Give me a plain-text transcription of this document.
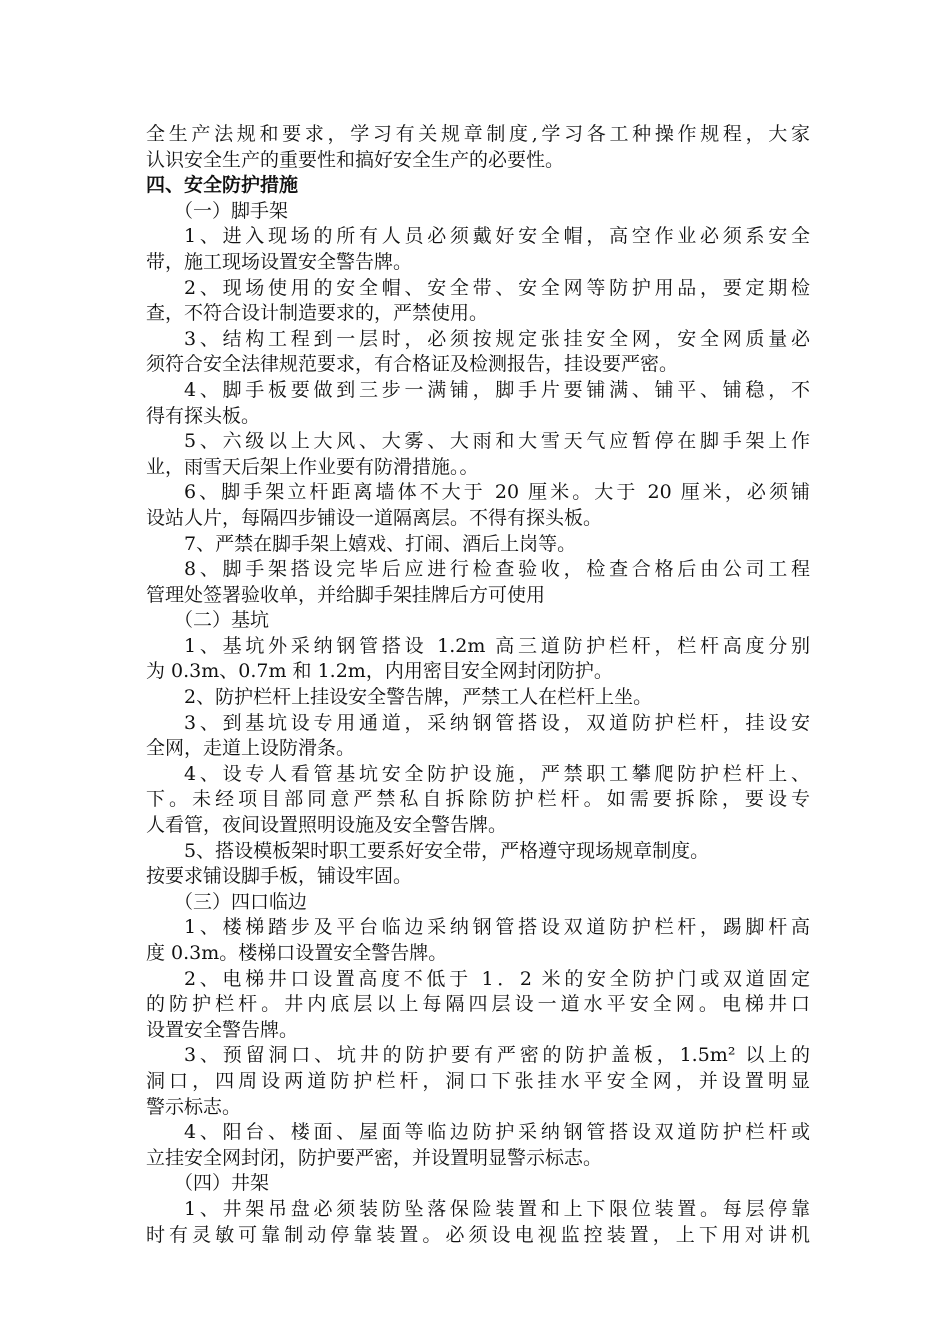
全生产法规和要求，学习有关规章制度,学习各工种操作规程，大家
认识安全生产的重要性和搞好安全生产的必要性。
四、安全防护措施
（一）脚手架
1、进入现场的所有人员必须戴好安全帽，高空作业必须系安全
带，施工现场设置安全警告牌。
2、现场使用的安全帽、安全带、安全网等防护用品，要定期检
查，不符合设计制造要求的，严禁使用。
3、结构工程到一层时，必须按规定张挂安全网，安全网质量必
须符合安全法律规范要求，有合格证及检测报告，挂设要严密。
4、脚手板要做到三步一满铺，脚手片要铺满、铺平、铺稳，不
得有探头板。
5、六级以上大风、大雾、大雨和大雪天气应暂停在脚手架上作
业，雨雪天后架上作业要有防滑措施。。
6、脚手架立杆距离墙体不大于 20 厘米。大于 20 厘米，必须铺
设站人片，每隔四步铺设一道隔离层。不得有探头板。
7、严禁在脚手架上嬉戏、打闹、酒后上岗等。
8、脚手架搭设完毕后应进行检查验收，检查合格后由公司工程
管理处签署验收单，并给脚手架挂牌后方可使用
（二）基坑
1、基坑外采纳钢管搭设 1.2m 高三道防护栏杆，栏杆高度分别
为 0.3m、0.7m 和 1.2m，内用密目安全网封闭防护。
2、防护栏杆上挂设安全警告牌，严禁工人在栏杆上坐。
3、到基坑设专用通道，采纳钢管搭设，双道防护栏杆，挂设安
全网，走道上设防滑条。
4、设专人看管基坑安全防护设施，严禁职工攀爬防护栏杆上、
下。未经项目部同意严禁私自拆除防护栏杆。如需要拆除，要设专
人看管，夜间设置照明设施及安全警告牌。
5、搭设模板架时职工要系好安全带，严格遵守现场规章制度。
按要求铺设脚手板，铺设牢固。
（三）四口临边
1、楼梯踏步及平台临边采纳钢管搭设双道防护栏杆，踢脚杆高
度 0.3m。楼梯口设置安全警告牌。
2、电梯井口设置高度不低于 1．2 米的安全防护门或双道固定
的防护栏杆。井内底层以上每隔四层设一道水平安全网。电梯井口
设置安全警告牌。
3、预留洞口、坑井的防护要有严密的防护盖板，1.5m² 以上的
洞口，四周设两道防护栏杆，洞口下张挂水平安全网，并设置明显
警示标志。
4、阳台、楼面、屋面等临边防护采纳钢管搭设双道防护栏杆或
立挂安全网封闭，防护要严密，并设置明显警示标志。
（四）井架
1、井架吊盘必须装防坠落保险装置和上下限位装置。每层停靠
时有灵敏可靠制动停靠装置。必须设电视监控装置，上下用对讲机
